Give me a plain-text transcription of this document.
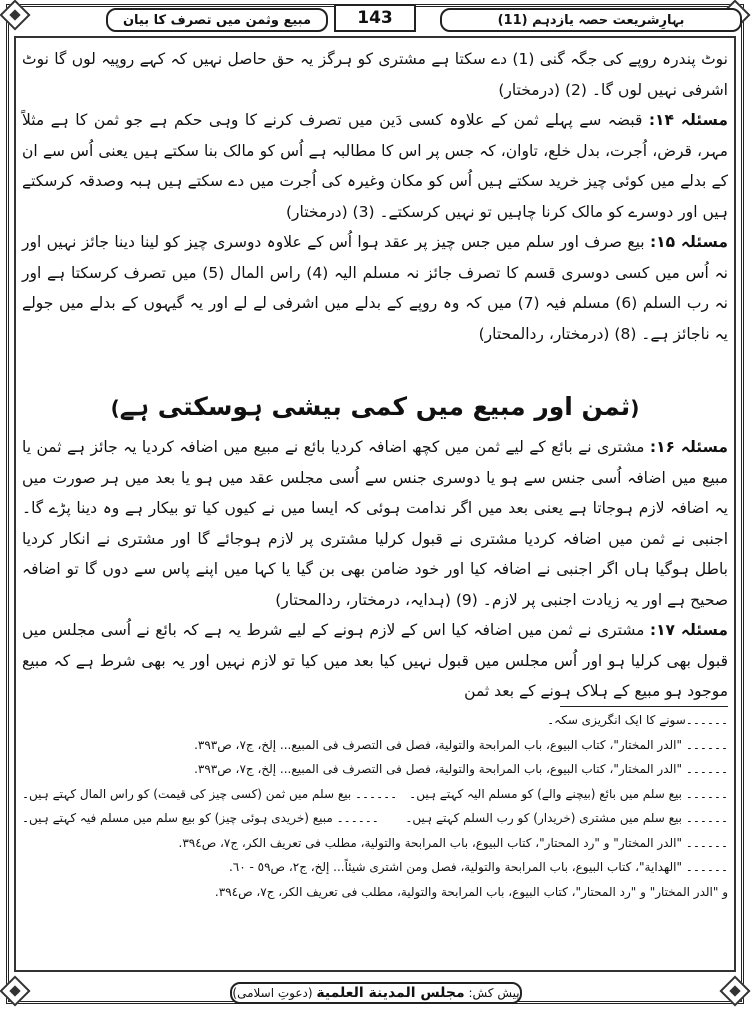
بہارِشریعت حصہ یازدہم (11)
143
مبیع وثمن میں تصرف کا بیان

نوٹ پندرہ روپے کی جگہ گنی (1) دے سکتا ہے مشتری کو ہرگز یہ حق حاصل نہیں کہ کہے روپیہ لوں گا نوٹ اشرفی نہیں لوں گا۔ (2) (درمختار)

مسئلہ ۱۴: قبضہ سے پہلے ثمن کے علاوہ کسی دَین میں تصرف کرنے کا وہی حکم ہے جو ثمن کا ہے مثلاً مہر، قرض، اُجرت، بدل خلع، تاوان، کہ جس پر اس کا مطالبہ ہے اُس کو مالک بنا سکتے ہیں یعنی اُس سے ان کے بدلے میں کوئی چیز خرید سکتے ہیں اُس کو مکان وغیرہ کی اُجرت میں دے سکتے ہیں ہبہ وصدقہ کرسکتے ہیں اور دوسرے کو مالک کرنا چاہیں تو نہیں کرسکتے۔ (3) (درمختار)

مسئلہ ۱۵: بیع صرف اور سلم میں جس چیز پر عقد ہوا اُس کے علاوہ دوسری چیز کو لینا دینا جائز نہیں اور نہ اُس میں کسی دوسری قسم کا تصرف جائز نہ مسلم الیہ (4) راس المال (5) میں تصرف کرسکتا ہے اور نہ رب السلم (6) مسلم فیہ (7) میں کہ وہ روپے کے بدلے میں اشرفی لے لے اور یہ گیہوں کے بدلے میں جولے یہ ناجائز ہے۔ (8) (درمختار، ردالمحتار)

(ثمن اور مبیع میں کمی بیشی ہوسکتی ہے)

مسئلہ ۱۶: مشتری نے بائع کے لیے ثمن میں کچھ اضافہ کردیا بائع نے مبیع میں اضافہ کردیا یہ جائز ہے ثمن یا مبیع میں اضافہ اُسی جنس سے ہو یا دوسری جنس سے اُسی مجلس عقد میں ہو یا بعد میں ہر صورت میں یہ اضافہ لازم ہوجاتا ہے یعنی بعد میں اگر ندامت ہوئی کہ ایسا میں نے کیوں کیا تو بیکار ہے وہ دینا پڑے گا۔ اجنبی نے ثمن میں اضافہ کردیا مشتری نے قبول کرلیا مشتری پر لازم ہوجائے گا اور مشتری نے انکار کردیا باطل ہوگیا ہاں اگر اجنبی نے اضافہ کیا اور خود ضامن بھی بن گیا یا کہا میں اپنے پاس سے دوں گا تو اضافہ صحیح ہے اور یہ زیادت اجنبی پر لازم۔ (9) (ہدایہ، درمختار، ردالمحتار)

مسئلہ ۱۷: مشتری نے ثمن میں اضافہ کیا اس کے لازم ہونے کے لیے شرط یہ ہے کہ بائع نے اُسی مجلس میں قبول بھی کرلیا ہو اور اُس مجلس میں قبول نہیں کیا بعد میں کیا تو لازم نہیں اور یہ بھی شرط ہے کہ مبیع موجود ہو مبیع کے ہلاک ہونے کے بعد ثمن

۔۔۔۔۔۔سونے کا ایک انگریزی سکہ۔

۔۔۔۔۔۔ "الدر المختار"، کتاب البیوع، باب المرابحة والتولیة، فصل فی التصرف فی المبیع... إلخ، ج٧، ص٣٩٣.

۔۔۔۔۔۔ "الدر المختار"، کتاب البیوع، باب المرابحة والتولیة، فصل فی التصرف فی المبیع... إلخ، ج٧، ص٣٩٣.

۔۔۔۔۔۔ بیع سلم میں بائع (بیچنے والے) کو مسلم الیہ کہتے ہیں۔
۔۔۔۔۔۔ بیع سلم میں ثمن (کسی چیز کی قیمت) کو راس المال کہتے ہیں۔
۔۔۔۔۔۔ بیع سلم میں مشتری (خریدار) کو رب السلم کہتے ہیں۔
۔۔۔۔۔۔ مبیع (خریدی ہوئی چیز) کو بیع سلم میں مسلم فیہ کہتے ہیں۔

۔۔۔۔۔۔ "الدر المختار" و "رد المحتار"، کتاب البیوع، باب المرابحة والتولیة، مطلب فی تعریف الکر، ج٧، ص٣٩٤.

۔۔۔۔۔۔ "الهدایة"، کتاب البیوع، باب المرابحة والتولیة، فصل ومن اشتری شیئاً... إلخ، ج٢، ص٥٩ - ٦٠.

و "الدر المختار" و "رد المحتار"، کتاب البیوع، باب المرابحة والتولیة، مطلب فی تعریف الکر، ج٧، ص٣٩٤.

پیش کش: مجلس المدینة العلمیة (دعوتِ اسلامی)
